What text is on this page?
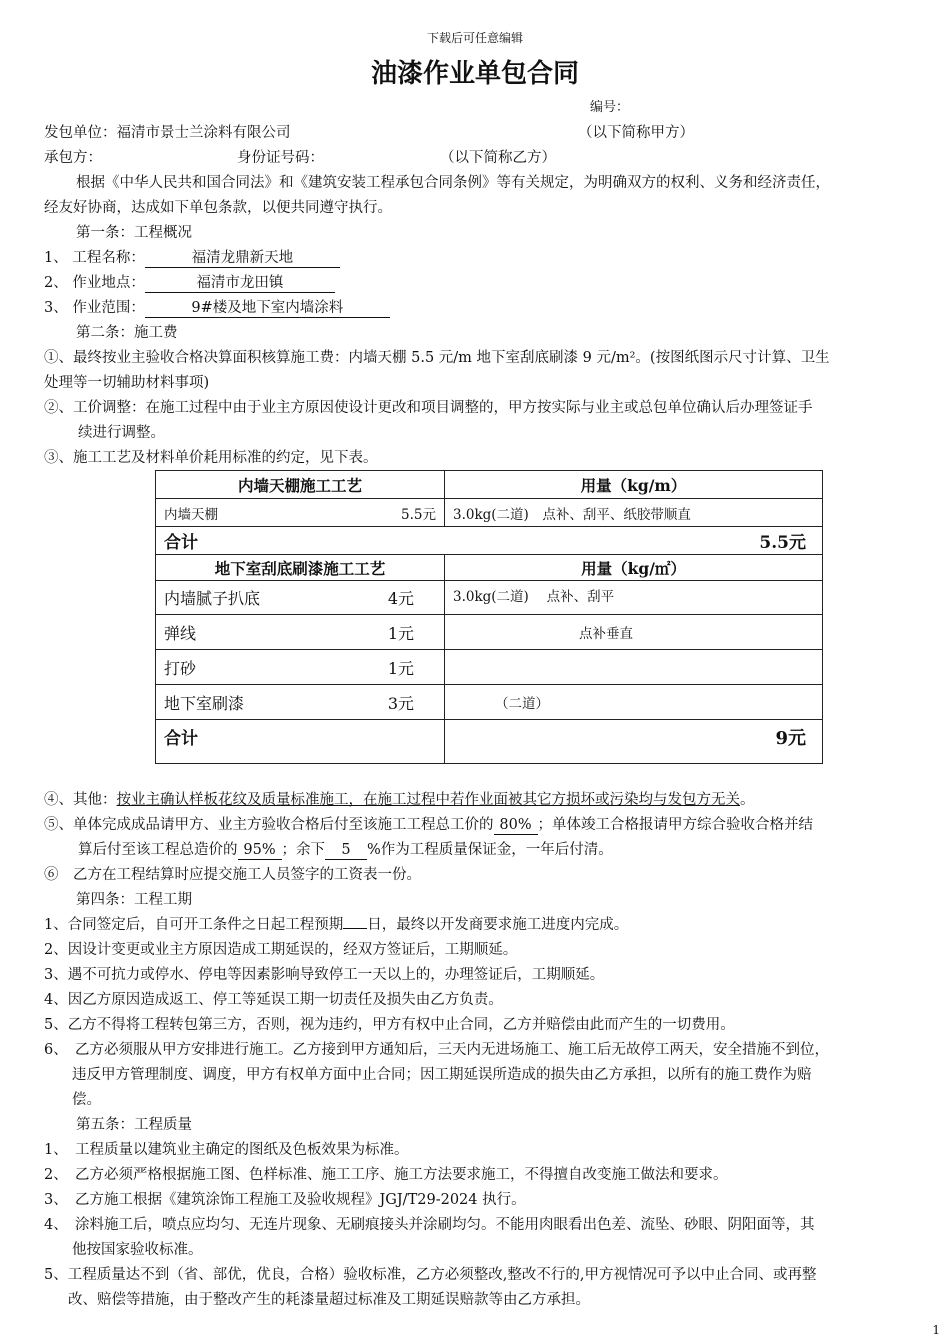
下载后可任意编辑
油漆作业单包合同
编号：
发包单位：福清市景士兰涂料有限公司	（以下简称甲方）
承包方：	身份证号码：	（以下简称乙方）
根据《中华人民共和国合同法》和《建筑安装工程承包合同条例》等有关规定，为明确双方的权利、义务和经济责任，
经友好协商，达成如下单包条款，以便共同遵守执行。
第一条：工程概况
1、 工程名称：	福清龙鼎新天地
2、 作业地点：	福清市龙田镇
3、 作业范围：	9#楼及地下室内墙涂料
第二条：施工费
①、最终按业主验收合格决算面积核算施工费：内墙天棚 5.5 元/m 地下室刮底刷漆 9 元/m²。(按图纸图示尺寸计算、卫生
处理等一切辅助材料事项)
②、工价调整：在施工过程中由于业主方原因使设计更改和项目调整的，甲方按实际与业主或总包单位确认后办理签证手
续进行调整。
③、施工工艺及材料单价耗用标准的约定，见下表。
内墙天棚施工工艺	用量（kg/m）

内墙天棚 5.5元	3.0kg(二道)　点补、刮平、纸胶带顺直

合计 5.5元	

地下室刮底刷漆施工工艺	用量（kg/㎡）

内墙腻子扒底 4元	3.0kg(二道)　 点补、刮平

弹线 1元	点补垂直

打砂 1元	

地下室刷漆 3元	（二道）
合计	9元
④、其他：按业主确认样板花纹及质量标准施工，在施工过程中若作业面被其它方损坏或污染均与发包方无关。
⑤、单体完成成品请甲方、业主方验收合格后付至该施工工程总工价的 80% ；单体竣工合格报请甲方综合验收合格并结
算后付至该工程总造价的 95% ；余下 5 %作为工程质量保证金，一年后付清。
⑥　乙方在工程结算时应提交施工人员签字的工资表一份。
第四条：工程工期
1、合同签定后，自可开工条件之日起工程预期 日，最终以开发商要求施工进度内完成。
2、因设计变更或业主方原因造成工期延误的，经双方签证后，工期顺延。
3、遇不可抗力或停水、停电等因素影响导致停工一天以上的，办理签证后，工期顺延。
4、因乙方原因造成返工、停工等延误工期一切责任及损失由乙方负责。
5、乙方不得将工程转包第三方，否则，视为违约，甲方有权中止合同，乙方并赔偿由此而产生的一切费用。
6、　乙方必须服从甲方安排进行施工。乙方接到甲方通知后，三天内无进场施工、施工后无故停工两天，安全措施不到位，
违反甲方管理制度、调度，甲方有权单方面中止合同；因工期延误所造成的损失由乙方承担，以所有的施工费作为赔
偿。
第五条：工程质量
1、　工程质量以建筑业主确定的图纸及色板效果为标准。
2、　乙方必须严格根据施工图、色样标准、施工工序、施工方法要求施工，不得擅自改变施工做法和要求。
3、　乙方施工根据《建筑涂饰工程施工及验收规程》JGJ/T29-2024 执行。
4、　涂料施工后，喷点应均匀、无连片现象、无刷痕接头并涂刷均匀。不能用肉眼看出色差、流坠、砂眼、阴阳面等，其
他按国家验收标准。
5、工程质量达不到（省、部优，优良，合格）验收标准，乙方必须整改,整改不行的,甲方视情况可予以中止合同、或再整
改、赔偿等措施，由于整改产生的耗漆量超过标准及工期延误赔款等由乙方承担。
1
